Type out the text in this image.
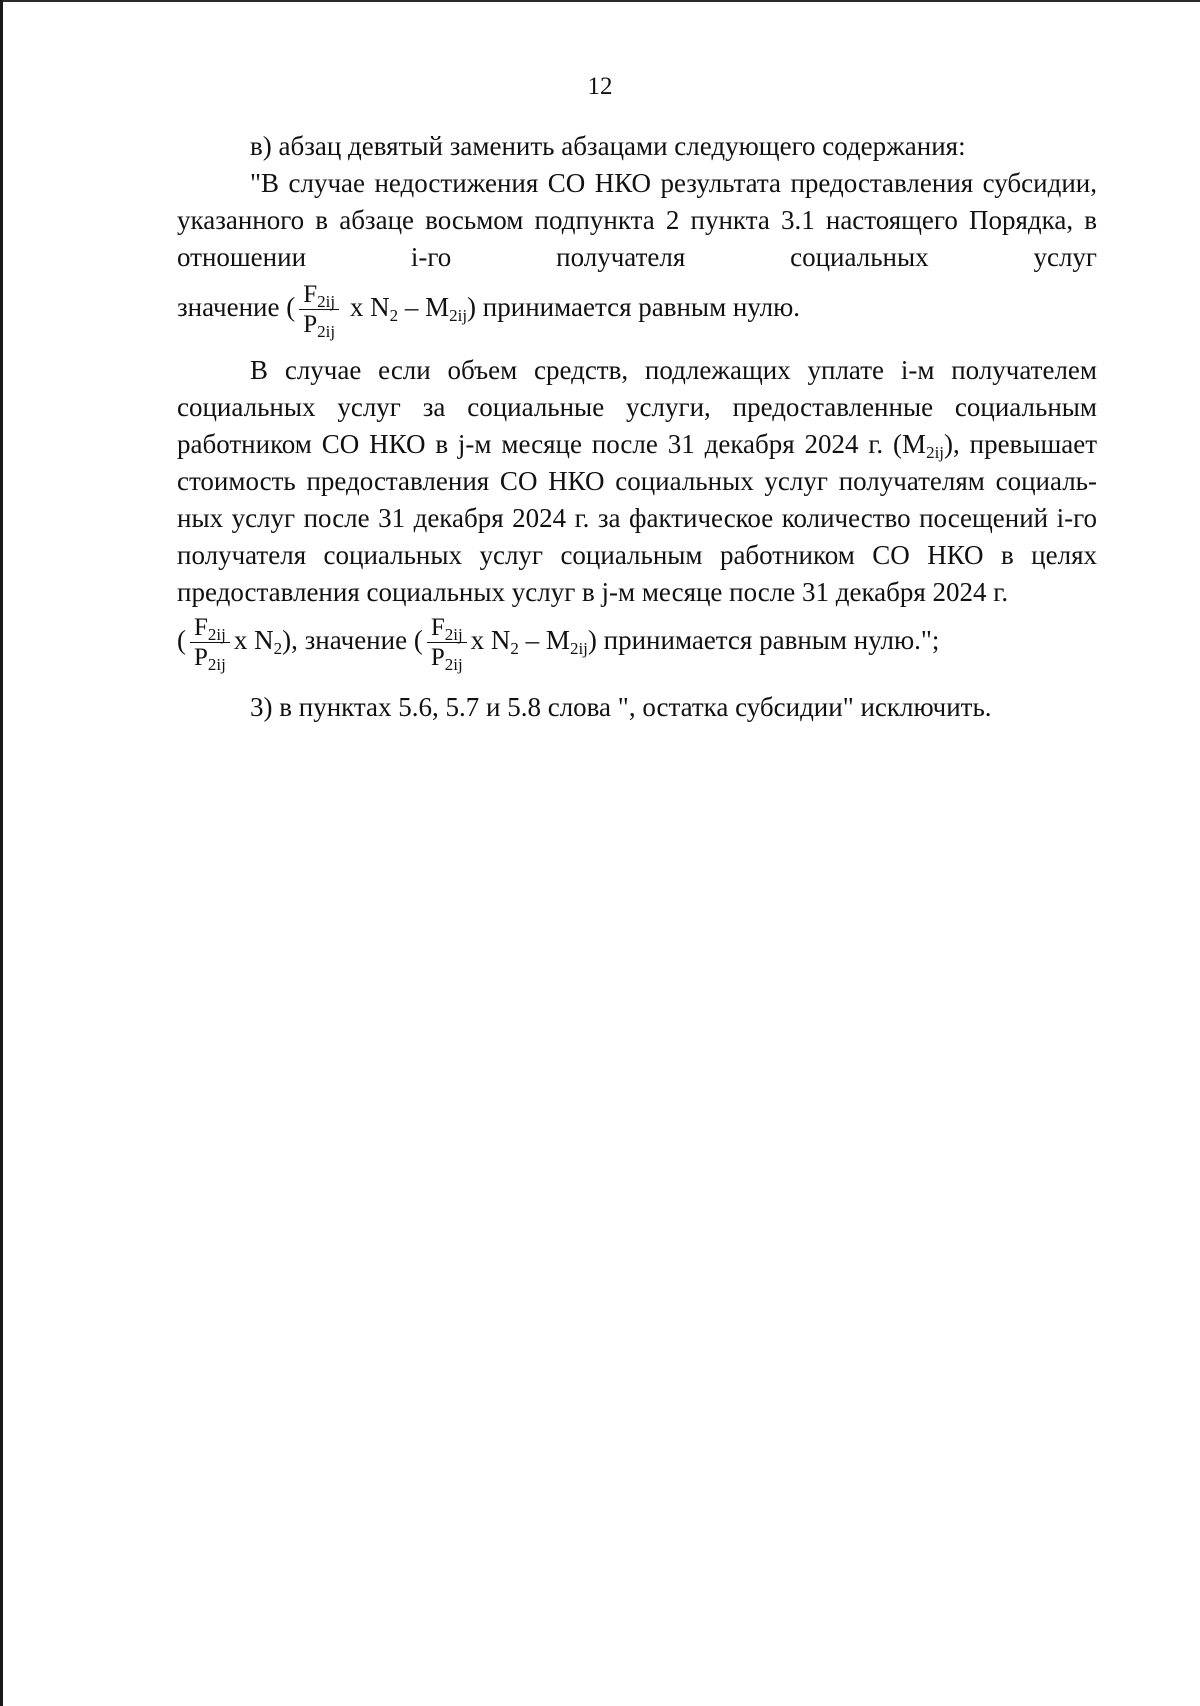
12

в) абзац девятый заменить абзацами следующего содержания:

"В случае недостижения СО НКО результата предоставления субсидии, указанного в абзаце восьмом подпункта 2 пункта 3.1 настоящего Порядка, в отношении i-го получателя социальных услуг

значение ( $\frac{F_{2ij}}{P_{2ij}}$ x $N_2 - M_{2ij}$) принимается равным нулю.

В случае если объем средств, подлежащих уплате i-м получателем социальных услуг за социальные услуги, предоставленные социальным работником СО НКО в j-м месяце после 31 декабря 2024 г. $(M_{2ij})$, превышает стоимость предоставления СО НКО социальных услуг получателям социаль-ных услуг после 31 декабря 2024 г. за фактическое количество посещений i-го получателя социальных услуг социальным работником СО НКО в целях предоставления социальных услуг в j-м месяце после 31 декабря 2024 г.

( $\frac{F_{2ij}}{P_{2ij}}$ x $N_2$), значение ( $\frac{F_{2ij}}{P_{2ij}}$ x $N_2 - M_{2ij}$) принимается равным нулю.";

3) в пунктах 5.6, 5.7 и 5.8 слова ", остатка субсидии" исключить.
